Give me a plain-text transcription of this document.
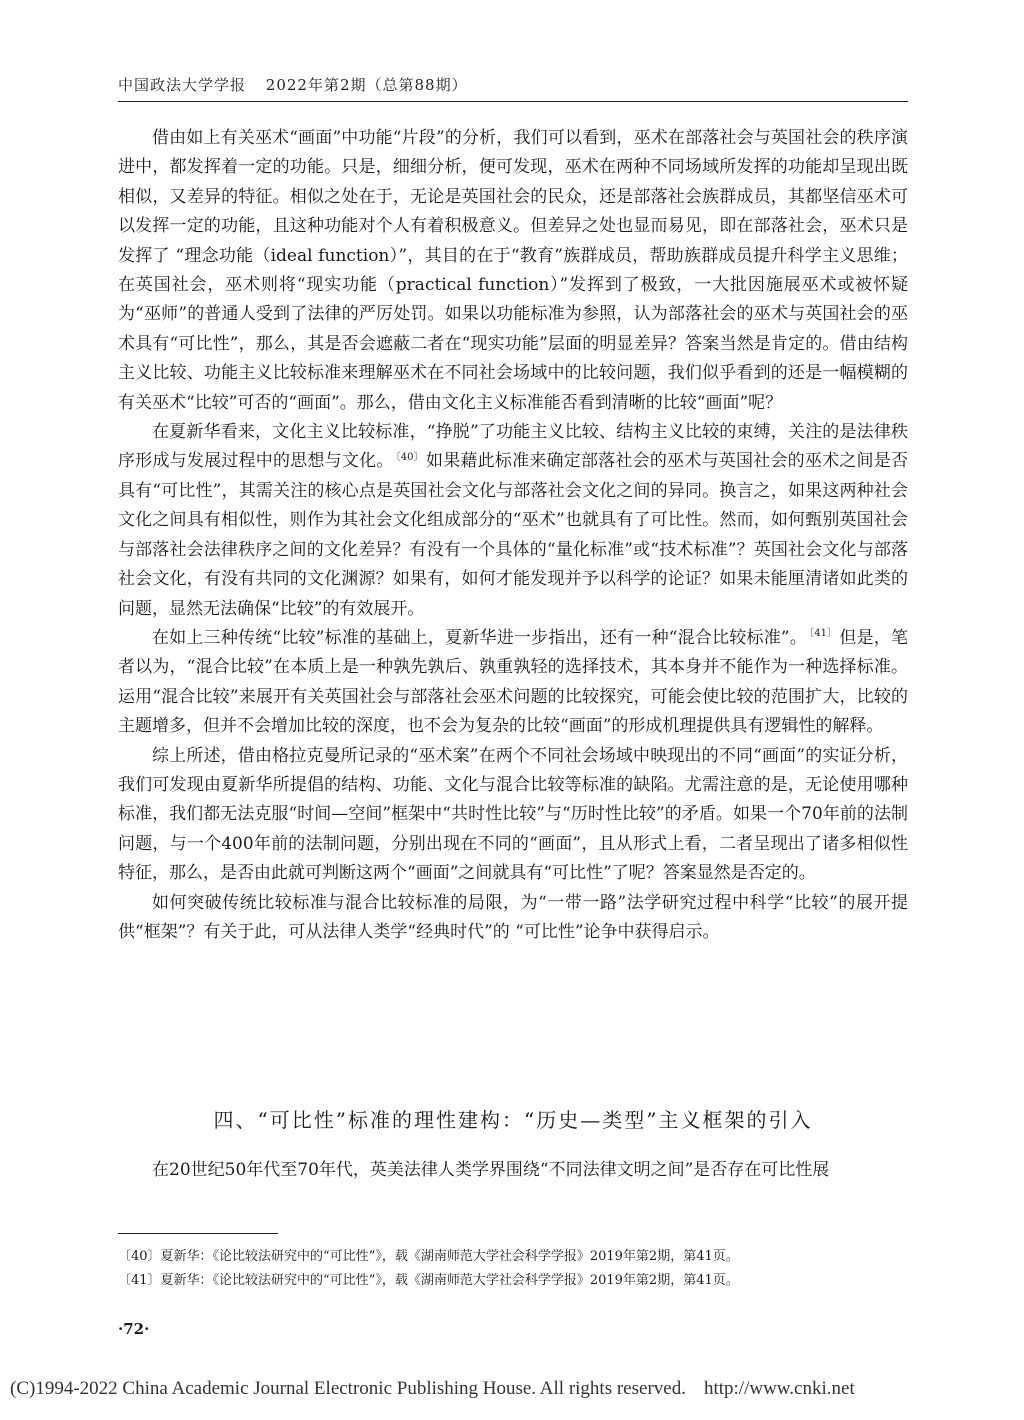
中国政法大学学报 2022年第2期（总第88期）

借由如上有关巫术“画面”中功能“片段”的分析，我们可以看到，巫术在部落社会与英国社会的秩序演进中，都发挥着一定的功能。只是，细细分析，便可发现，巫术在两种不同场域所发挥的功能却呈现出既相似，又差异的特征。相似之处在于，无论是英国社会的民众，还是部落社会族群成员，其都坚信巫术可以发挥一定的功能，且这种功能对个人有着积极意义。但差异之处也显而易见，即在部落社会，巫术只是发挥了 “理念功能（ideal function）”，其目的在于“教育”族群成员，帮助族群成员提升科学主义思维；在英国社会，巫术则将“现实功能（practical function）”发挥到了极致，一大批因施展巫术或被怀疑为“巫师”的普通人受到了法律的严厉处罚。如果以功能标准为参照，认为部落社会的巫术与英国社会的巫术具有“可比性”，那么，其是否会遮蔽二者在“现实功能”层面的明显差异？答案当然是肯定的。借由结构主义比较、功能主义比较标准来理解巫术在不同社会场域中的比较问题，我们似乎看到的还是一幅模糊的有关巫术“比较”可否的“画面”。那么，借由文化主义标准能否看到清晰的比较“画面”呢？

在夏新华看来，文化主义比较标准，“挣脱”了功能主义比较、结构主义比较的束缚，关注的是法律秩序形成与发展过程中的思想与文化。 $^{〔40〕}$ 如果藉此标准来确定部落社会的巫术与英国社会的巫术之间是否具有“可比性”，其需关注的核心点是英国社会文化与部落社会文化之间的异同。换言之，如果这两种社会文化之间具有相似性，则作为其社会文化组成部分的“巫术”也就具有了可比性。然而，如何甄别英国社会与部落社会法律秩序之间的文化差异？有没有一个具体的“量化标准”或“技术标准”？英国社会文化与部落社会文化，有没有共同的文化渊源？如果有，如何才能发现并予以科学的论证？如果未能厘清诸如此类的问题，显然无法确保“比较”的有效展开。

在如上三种传统“比较”标准的基础上，夏新华进一步指出，还有一种“混合比较标准”。 $^{〔41〕}$ 但是，笔者以为，“混合比较”在本质上是一种孰先孰后、孰重孰轻的选择技术，其本身并不能作为一种选择标准。运用“混合比较”来展开有关英国社会与部落社会巫术问题的比较探究，可能会使比较的范围扩大，比较的主题增多，但并不会增加比较的深度，也不会为复杂的比较“画面”的形成机理提供具有逻辑性的解释。

综上所述，借由格拉克曼所记录的“巫术案”在两个不同社会场域中映现出的不同“画面”的实证分析，我们可发现由夏新华所提倡的结构、功能、文化与混合比较等标准的缺陷。尤需注意的是，无论使用哪种标准，我们都无法克服“时间—空间”框架中“共时性比较”与“历时性比较”的矛盾。如果一个70年前的法制问题，与一个400年前的法制问题，分别出现在不同的“画面”，且从形式上看，二者呈现出了诸多相似性特征，那么，是否由此就可判断这两个“画面”之间就具有“可比性”了呢？答案显然是否定的。

如何突破传统比较标准与混合比较标准的局限，为“一带一路”法学研究过程中科学“比较”的展开提供“框架”？有关于此，可从法律人类学“经典时代”的 “可比性”论争中获得启示。

四、“可比性”标准的理性建构：“历史—类型”主义框架的引入
在20世纪50年代至70年代，英美法律人类学界围绕“不同法律文明之间”是否存在可比性展
〔40〕夏新华：《论比较法研究中的“可比性”》，载《湖南师范大学社会科学学报》2019年第2期，第41页。
〔41〕夏新华：《论比较法研究中的“可比性”》，载《湖南师范大学社会科学学报》2019年第2期，第41页。
·72·
(C)1994-2022 China Academic Journal Electronic Publishing House. All rights reserved. http://www.cnki.net
